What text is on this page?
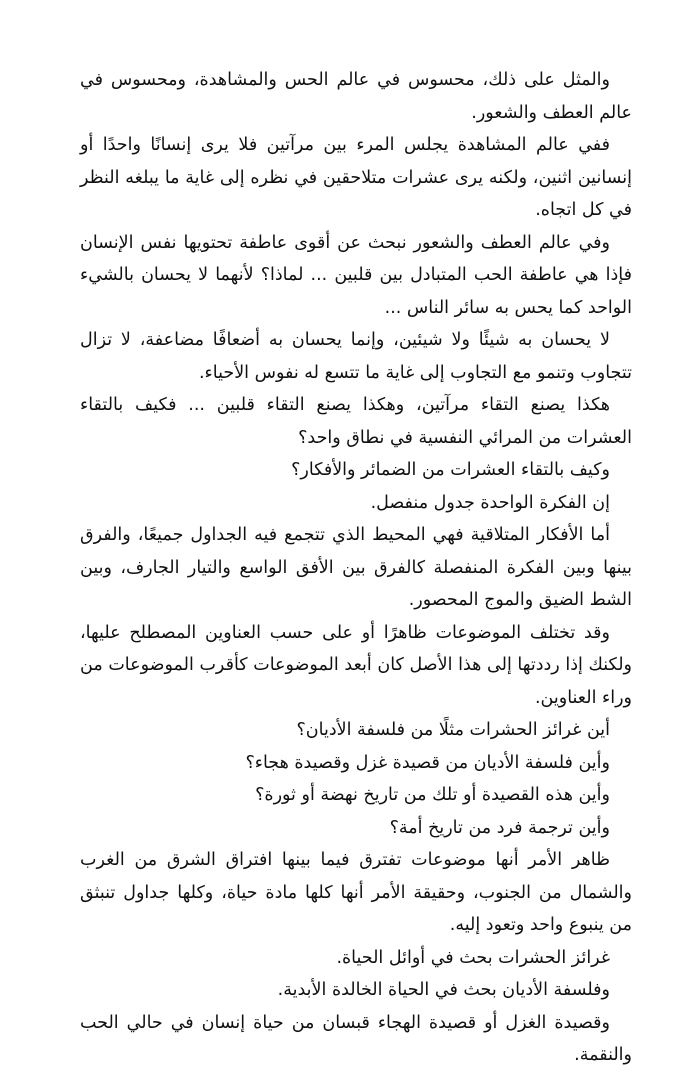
والمثل على ذلك، محسوس في عالم الحس والمشاهدة، ومحسوس في عالم العطف والشعور.

ففي عالم المشاهدة يجلس المرء بين مرآتين فلا يرى إنسانًا واحدًا أو إنسانين اثنين، ولكنه يرى عشرات متلاحقين في نظره إلى غاية ما يبلغه النظر في كل اتجاه.

وفي عالم العطف والشعور نبحث عن أقوى عاطفة تحتويها نفس الإنسان فإذا هي عاطفة الحب المتبادل بين قلبين ... لماذا؟ لأنهما لا يحسان بالشيء الواحد كما يحس به سائر الناس ...

لا يحسان به شيئًا ولا شيئين، وإنما يحسان به أضعافًا مضاعفة، لا تزال تتجاوب وتنمو مع التجاوب إلى غاية ما تتسع له نفوس الأحياء.

هكذا يصنع التقاء مرآتين، وهكذا يصنع التقاء قلبين ... فكيف بالتقاء العشرات من المرائي النفسية في نطاق واحد؟

وكيف بالتقاء العشرات من الضمائر والأفكار؟

إن الفكرة الواحدة جدول منفصل.

أما الأفكار المتلاقية فهي المحيط الذي تتجمع فيه الجداول جميعًا، والفرق بينها وبين الفكرة المنفصلة كالفرق بين الأفق الواسع والتيار الجارف، وبين الشط الضيق والموج المحصور.

وقد تختلف الموضوعات ظاهرًا أو على حسب العناوين المصطلح عليها، ولكنك إذا رددتها إلى هذا الأصل كان أبعد الموضوعات كأقرب الموضوعات من وراء العناوين.

أين غرائز الحشرات مثلًا من فلسفة الأديان؟

وأين فلسفة الأديان من قصيدة غزل وقصيدة هجاء؟

وأين هذه القصيدة أو تلك من تاريخ نهضة أو ثورة؟

وأين ترجمة فرد من تاريخ أمة؟

ظاهر الأمر أنها موضوعات تفترق فيما بينها افتراق الشرق من الغرب والشمال من الجنوب، وحقيقة الأمر أنها كلها مادة حياة، وكلها جداول تنبثق من ينبوع واحد وتعود إليه.

غرائز الحشرات بحث في أوائل الحياة.

وفلسفة الأديان بحث في الحياة الخالدة الأبدية.

وقصيدة الغزل أو قصيدة الهجاء قبسان من حياة إنسان في حالي الحب والنقمة.
